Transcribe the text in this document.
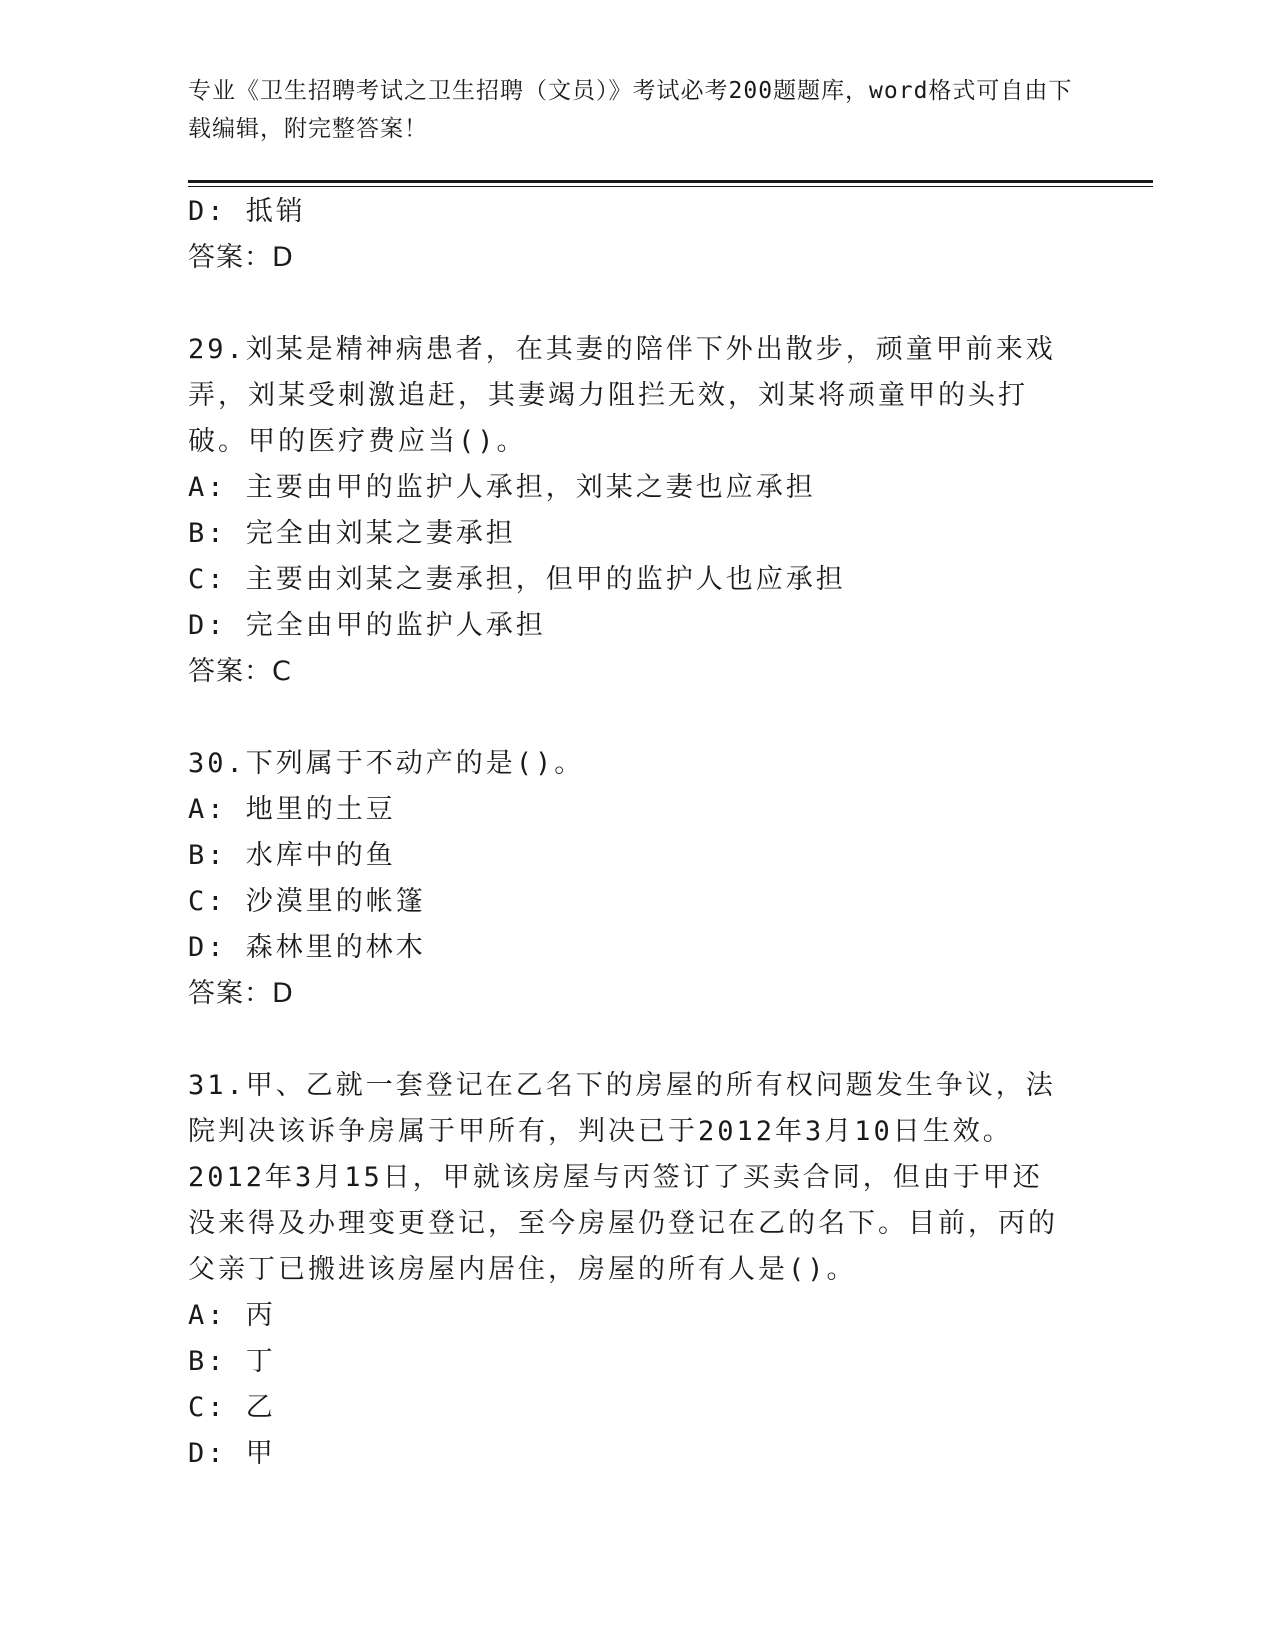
专业《卫生招聘考试之卫生招聘（文员）》考试必考200题题库，word格式可自由下载编辑，附完整答案！

D: 抵销

答案：D

29.刘某是精神病患者，在其妻的陪伴下外出散步，顽童甲前来戏弄，刘某受刺激追赶，其妻竭力阻拦无效，刘某将顽童甲的头打破。甲的医疗费应当()。

A: 主要由甲的监护人承担，刘某之妻也应承担

B: 完全由刘某之妻承担

C: 主要由刘某之妻承担，但甲的监护人也应承担

D: 完全由甲的监护人承担

答案：C

30.下列属于不动产的是()。

A: 地里的土豆

B: 水库中的鱼

C: 沙漠里的帐篷

D: 森林里的林木

答案：D

31.甲、乙就一套登记在乙名下的房屋的所有权问题发生争议，法院判决该诉争房属于甲所有，判决已于2012年3月10日生效。2012年3月15日，甲就该房屋与丙签订了买卖合同，但由于甲还没来得及办理变更登记，至今房屋仍登记在乙的名下。目前，丙的父亲丁已搬进该房屋内居住，房屋的所有人是()。

A: 丙

B: 丁

C: 乙

D: 甲
